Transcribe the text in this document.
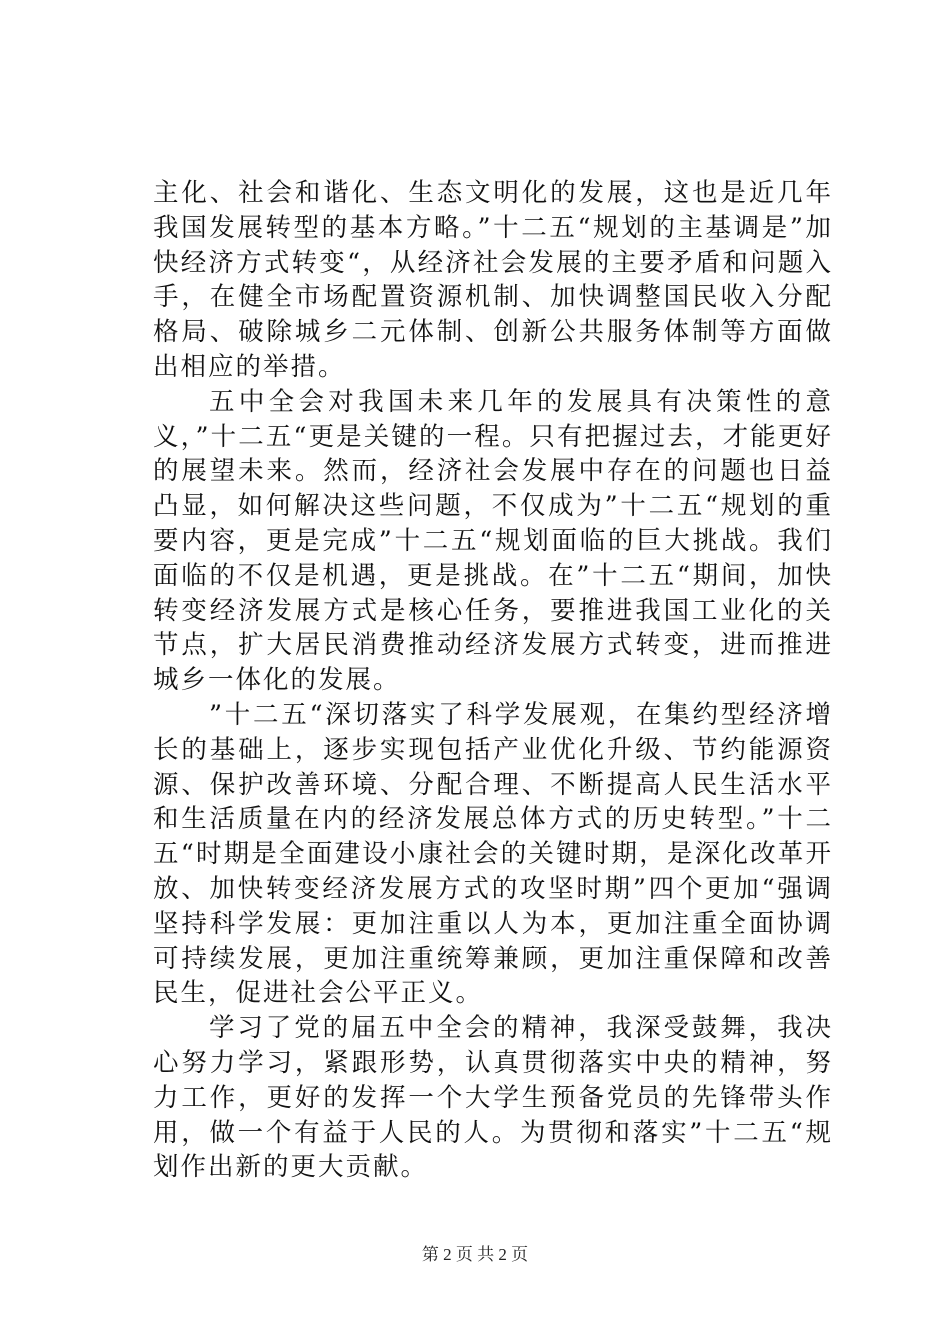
主化、社会和谐化、生态文明化的发展，这也是近几年我国发展转型的基本方略。”十二五“规划的主基调是”加快经济方式转变“，从经济社会发展的主要矛盾和问题入手，在健全市场配置资源机制、加快调整国民收入分配格局、破除城乡二元体制、创新公共服务体制等方面做出相应的举措。

五中全会对我国未来几年的发展具有决策性的意义，”十二五“更是关键的一程。只有把握过去，才能更好的展望未来。然而，经济社会发展中存在的问题也日益凸显，如何解决这些问题，不仅成为”十二五“规划的重要内容，更是完成”十二五“规划面临的巨大挑战。我们面临的不仅是机遇，更是挑战。在”十二五“期间，加快转变经济发展方式是核心任务，要推进我国工业化的关节点，扩大居民消费推动经济发展方式转变，进而推进城乡一体化的发展。

”十二五“深切落实了科学发展观，在集约型经济增长的基础上，逐步实现包括产业优化升级、节约能源资源、保护改善环境、分配合理、不断提高人民生活水平和生活质量在内的经济发展总体方式的历史转型。”十二五“时期是全面建设小康社会的关键时期，是深化改革开放、加快转变经济发展方式的攻坚时期”四个更加“强调坚持科学发展：更加注重以人为本，更加注重全面协调可持续发展，更加注重统筹兼顾，更加注重保障和改善民生，促进社会公平正义。

学习了党的届五中全会的精神，我深受鼓舞，我决心努力学习，紧跟形势，认真贯彻落实中央的精神，努力工作，更好的发挥一个大学生预备党员的先锋带头作用，做一个有益于人民的人。为贯彻和落实”十二五“规划作出新的更大贡献。

第 2 页 共 2 页
